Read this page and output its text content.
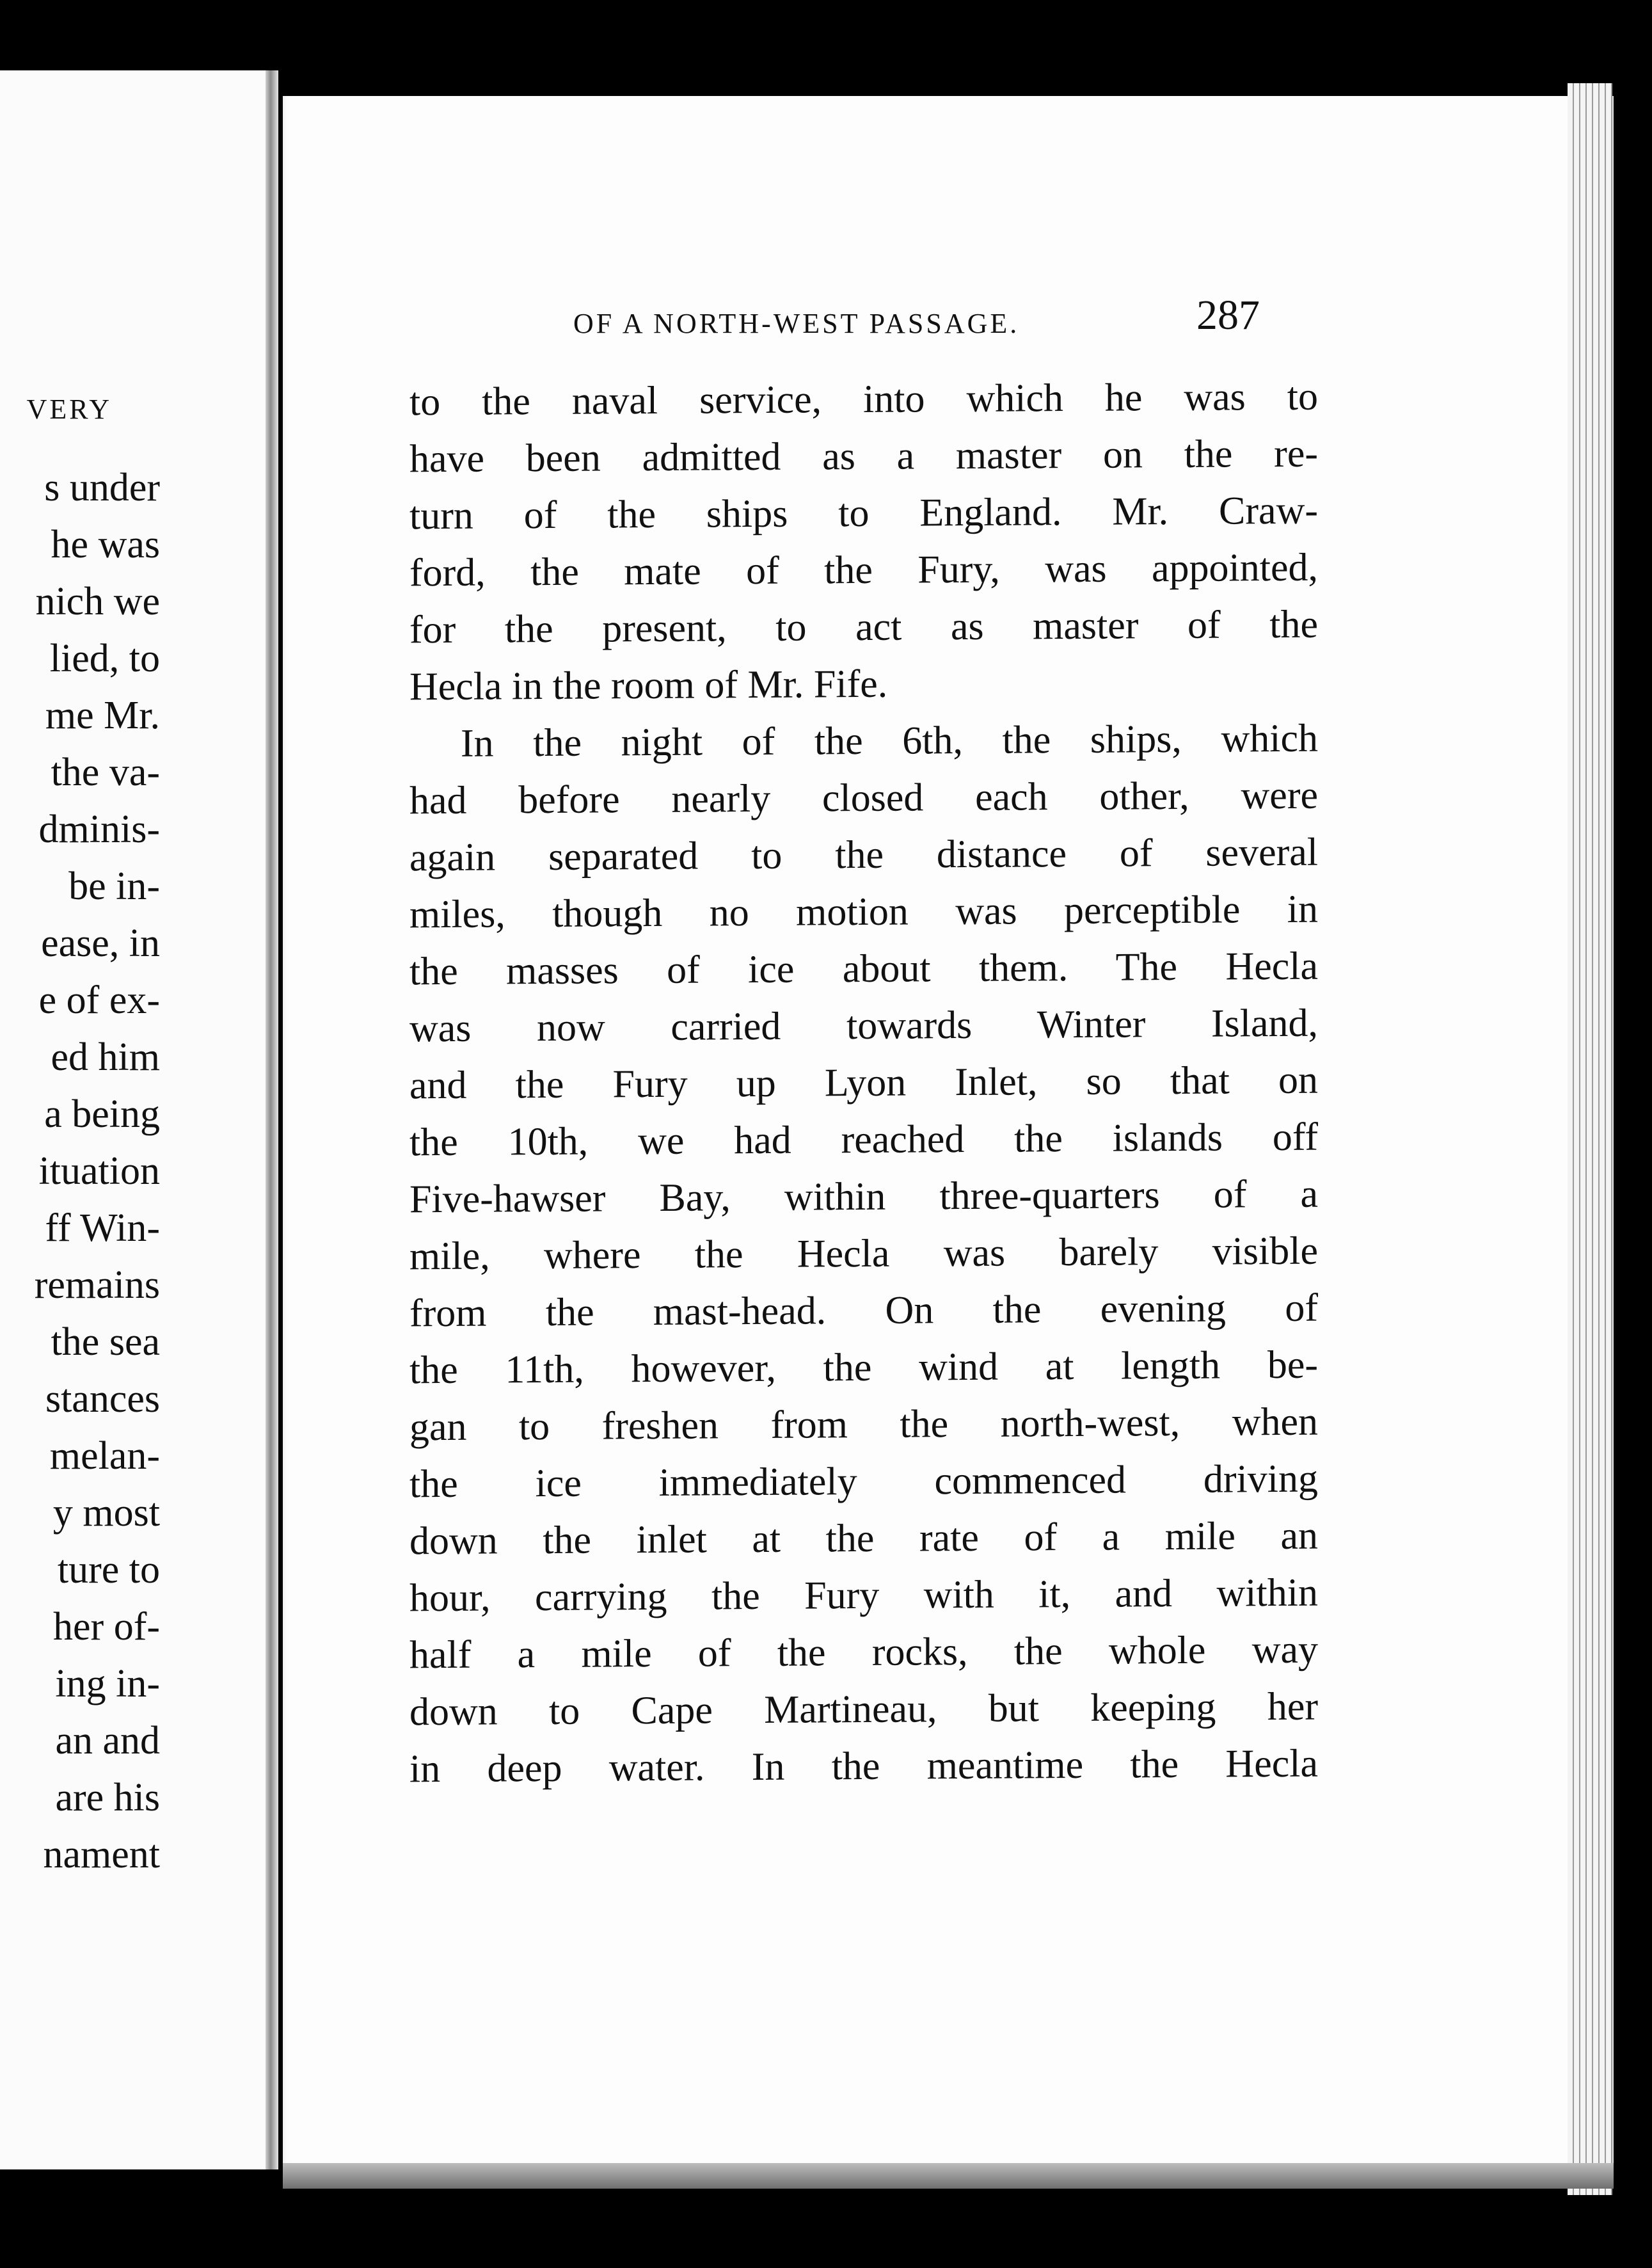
VERY
s under
he was
nich we
lied, to
me Mr.
the va-
dminis-
be in-
ease, in
e of ex-
ed him
a being
ituation
ff Win-
remains
the sea
stances
melan-
y most
ture to
her of-
ing in-
an and
are his
nament
OF A NORTH-WEST PASSAGE.	287
to the naval service, into which he was to
have been admitted as a master on the re-
turn of the ships to England. Mr. Craw-
ford, the mate of the Fury, was appointed,
for the present, to act as master of the
Hecla in the room of Mr. Fife.
In the night of the 6th, the ships, which
had before nearly closed each other, were
again separated to the distance of several
miles, though no motion was perceptible in
the masses of ice about them. The Hecla
was now carried towards Winter Island,
and the Fury up Lyon Inlet, so that on
the 10th, we had reached the islands off
Five-hawser Bay, within three-quarters of a
mile, where the Hecla was barely visible
from the mast-head. On the evening of
the 11th, however, the wind at length be-
gan to freshen from the north-west, when
the ice immediately commenced driving
down the inlet at the rate of a mile an
hour, carrying the Fury with it, and within
half a mile of the rocks, the whole way
down to Cape Martineau, but keeping her
in deep water. In the meantime the Hecla
